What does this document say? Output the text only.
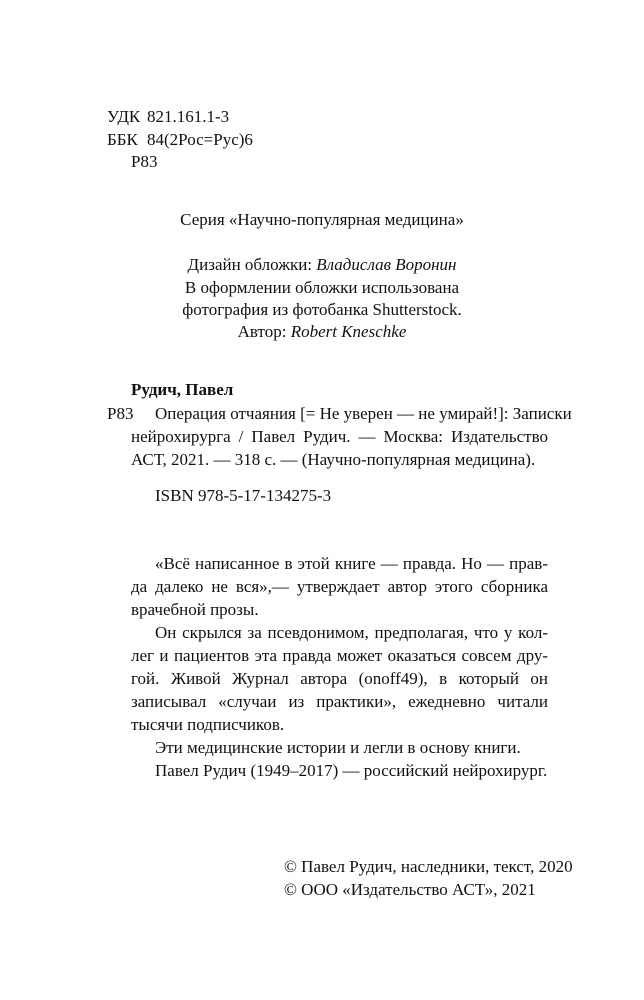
УДК 821.161.1-3
ББК 84(2Рос=Рус)6
Р83
Серия «Научно-популярная медицина»
Дизайн обложки: Владислав Воронин
В оформлении обложки использована
фотография из фотобанка Shutterstock.
Автор: Robert Kneschke
Рудич, Павел
Р83 Операция отчаяния [= Не уверен — не умирай!]: Записки
нейрохирурга / Павел Рудич. — Москва: Издательство
АСТ, 2021. — 318 с. — (Научно-популярная медицина).
ISBN 978-5-17-134275-3
«Всё написанное в этой книге — правда. Но — прав-
да далеко не вся»,— утверждает автор этого сборника
врачебной прозы.
Он скрылся за псевдонимом, предполагая, что у кол-
лег и пациентов эта правда может оказаться совсем дру-
гой. Живой Журнал автора (onoff49), в который он
записывал «случаи из практики», ежедневно читали
тысячи подписчиков.
Эти медицинские истории и легли в основу книги.
Павел Рудич (1949–2017) — российский нейрохирург.
© Павел Рудич, наследники, текст, 2020
© ООО «Издательство АСТ», 2021
